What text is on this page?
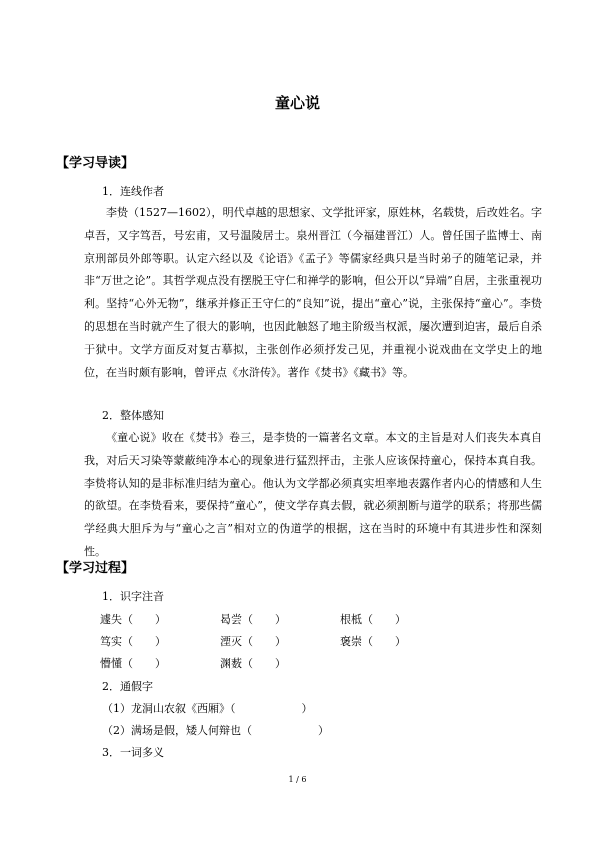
童心说
【学习导读】
1．连线作者
李贽（1527—1602），明代卓越的思想家、文学批评家，原姓林，名载贽，后改姓名。字卓吾，又字笃吾，号宏甫，又号温陵居士。泉州晋江（今福建晋江）人。曾任国子监博士、南京刑部员外郎等职。认定六经以及《论语》《孟子》等儒家经典只是当时弟子的随笔记录，并非“万世之论”。其哲学观点没有摆脱王守仁和禅学的影响，但公开以“异端”自居，主张重视功利。坚持“心外无物”，继承并修正王守仁的“良知”说，提出“童心”说，主张保持“童心”。李贽的思想在当时就产生了很大的影响，也因此触怒了地主阶级当权派，屡次遭到迫害，最后自杀于狱中。文学方面反对复古摹拟，主张创作必须抒发己见，并重视小说戏曲在文学史上的地位，在当时颇有影响，曾评点《水浒传》。著作《焚书》《藏书》等。
2．整体感知
《童心说》收在《焚书》卷三，是李贽的一篇著名文章。本文的主旨是对人们丧失本真自我，对后天习染等蒙蔽纯净本心的现象进行猛烈抨击，主张人应该保持童心，保持本真自我。李贽将认知的是非标准归结为童心。他认为文学都必须真实坦率地表露作者内心的情感和人生的欲望。在李贽看来，要保持“童心”，使文学存真去假，就必须割断与道学的联系；将那些儒学经典大胆斥为与“童心之言”相对立的伪道学的根据，这在当时的环境中有其进步性和深刻性。
【学习过程】
1．识字注音
遽失（　　）	曷尝（　　）	根柢（　　）
笃实（　　）	湮灭（　　）	褒崇（　　）
懵懂（　　）	渊薮（　　）
2．通假字
（1）龙洞山农叙《西厢》（　　　　　　）
（2）满场是假，矮人何辩也（　　　　　　）
3．一词多义
1 / 6
